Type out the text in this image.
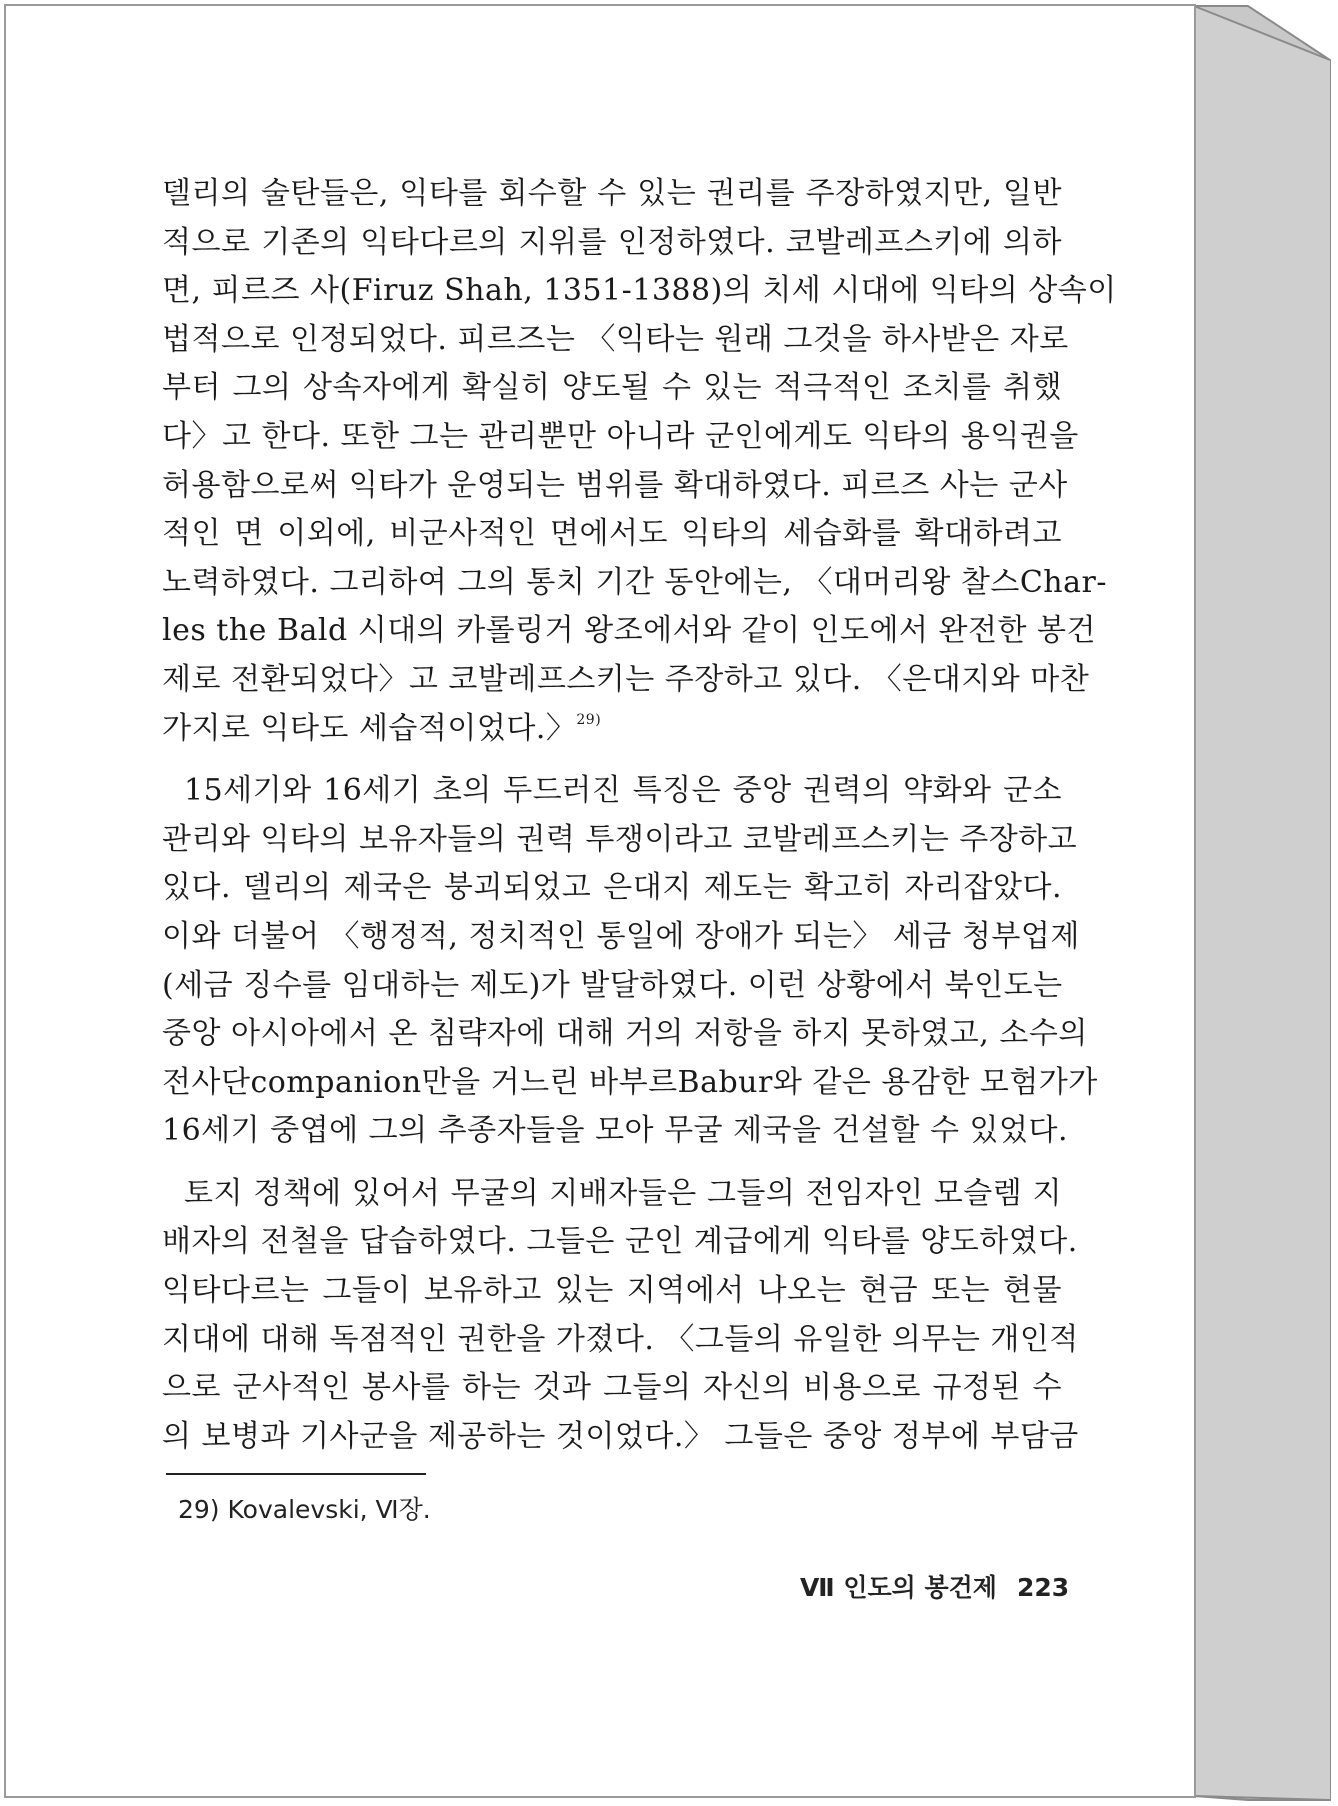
델리의 술탄들은, 익타를 회수할 수 있는 권리를 주장하였지만, 일반
적으로 기존의 익타다르의 지위를 인정하였다. 코발레프스키에 의하
면, 피르즈 사(Firuz Shah, 1351-1388)의 치세 시대에 익타의 상속이
법적으로 인정되었다. 피르즈는 〈익타는 원래 그것을 하사받은 자로
부터 그의 상속자에게 확실히 양도될 수 있는 적극적인 조치를 취했
다〉고 한다. 또한 그는 관리뿐만 아니라 군인에게도 익타의 용익권을
허용함으로써 익타가 운영되는 범위를 확대하였다. 피르즈 사는 군사
적인 면 이외에, 비군사적인 면에서도 익타의 세습화를 확대하려고
노력하였다. 그리하여 그의 통치 기간 동안에는, 〈대머리왕 찰스Char-
les the Bald 시대의 카롤링거 왕조에서와 같이 인도에서 완전한 봉건
제로 전환되었다〉고 코발레프스키는 주장하고 있다. 〈은대지와 마찬
가지로 익타도 세습적이었다.〉$^{29)}$
15세기와 16세기 초의 두드러진 특징은 중앙 권력의 약화와 군소
관리와 익타의 보유자들의 권력 투쟁이라고 코발레프스키는 주장하고
있다. 델리의 제국은 붕괴되었고 은대지 제도는 확고히 자리잡았다.
이와 더불어 〈행정적, 정치적인 통일에 장애가 되는〉 세금 청부업제
(세금 징수를 임대하는 제도)가 발달하였다. 이런 상황에서 북인도는
중앙 아시아에서 온 침략자에 대해 거의 저항을 하지 못하였고, 소수의
전사단companion만을 거느린 바부르Babur와 같은 용감한 모험가가
16세기 중엽에 그의 추종자들을 모아 무굴 제국을 건설할 수 있었다.
토지 정책에 있어서 무굴의 지배자들은 그들의 전임자인 모슬렘 지
배자의 전철을 답습하였다. 그들은 군인 계급에게 익타를 양도하였다.
익타다르는 그들이 보유하고 있는 지역에서 나오는 현금 또는 현물
지대에 대해 독점적인 권한을 가졌다. 〈그들의 유일한 의무는 개인적
으로 군사적인 봉사를 하는 것과 그들의 자신의 비용으로 규정된 수
의 보병과 기사군을 제공하는 것이었다.〉 그들은 중앙 정부에 부담금
29) Kovalevski, Ⅵ장.
Ⅶ 인도의 봉건제 223
